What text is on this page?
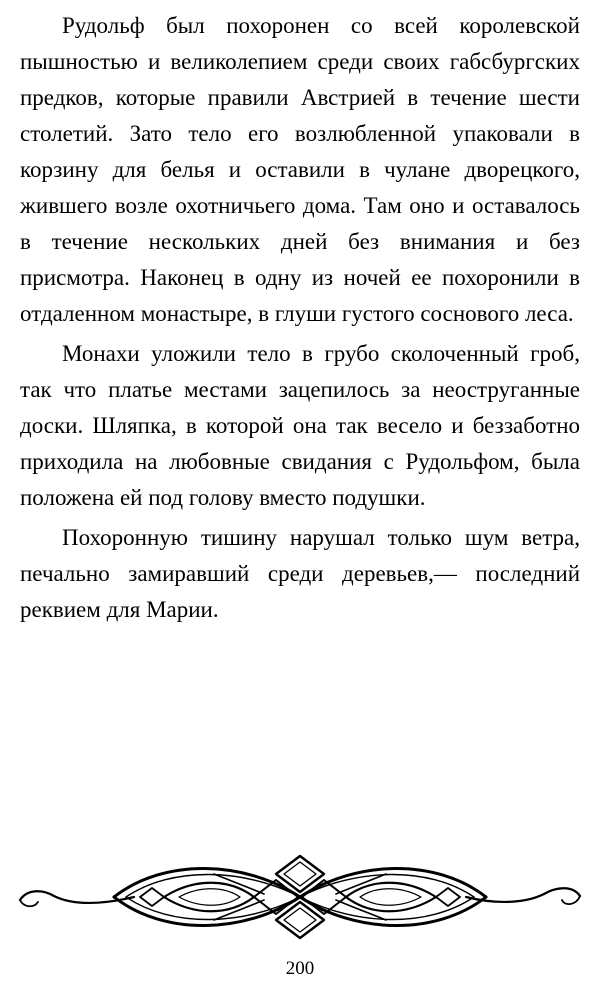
Рудольф был похоронен со всей королевской пышностью и великолепием среди своих габсбургских предков, которые правили Австрией в течение шести столетий. Зато тело его возлюбленной упаковали в корзину для белья и оставили в чулане дворецкого, жившего возле охотничьего дома. Там оно и оставалось в течение нескольких дней без внимания и без присмотра. Наконец в одну из ночей ее похоронили в отдаленном монастыре, в глуши густого соснового леса.

Монахи уложили тело в грубо сколоченный гроб, так что платье местами зацепилось за неоструганные доски. Шляпка, в которой она так весело и беззаботно приходила на любовные свидания с Рудольфом, была положена ей под голову вместо подушки.

Похоронную тишину нарушал только шум ветра, печально замиравший среди деревьев,— последний реквием для Марии.

200
